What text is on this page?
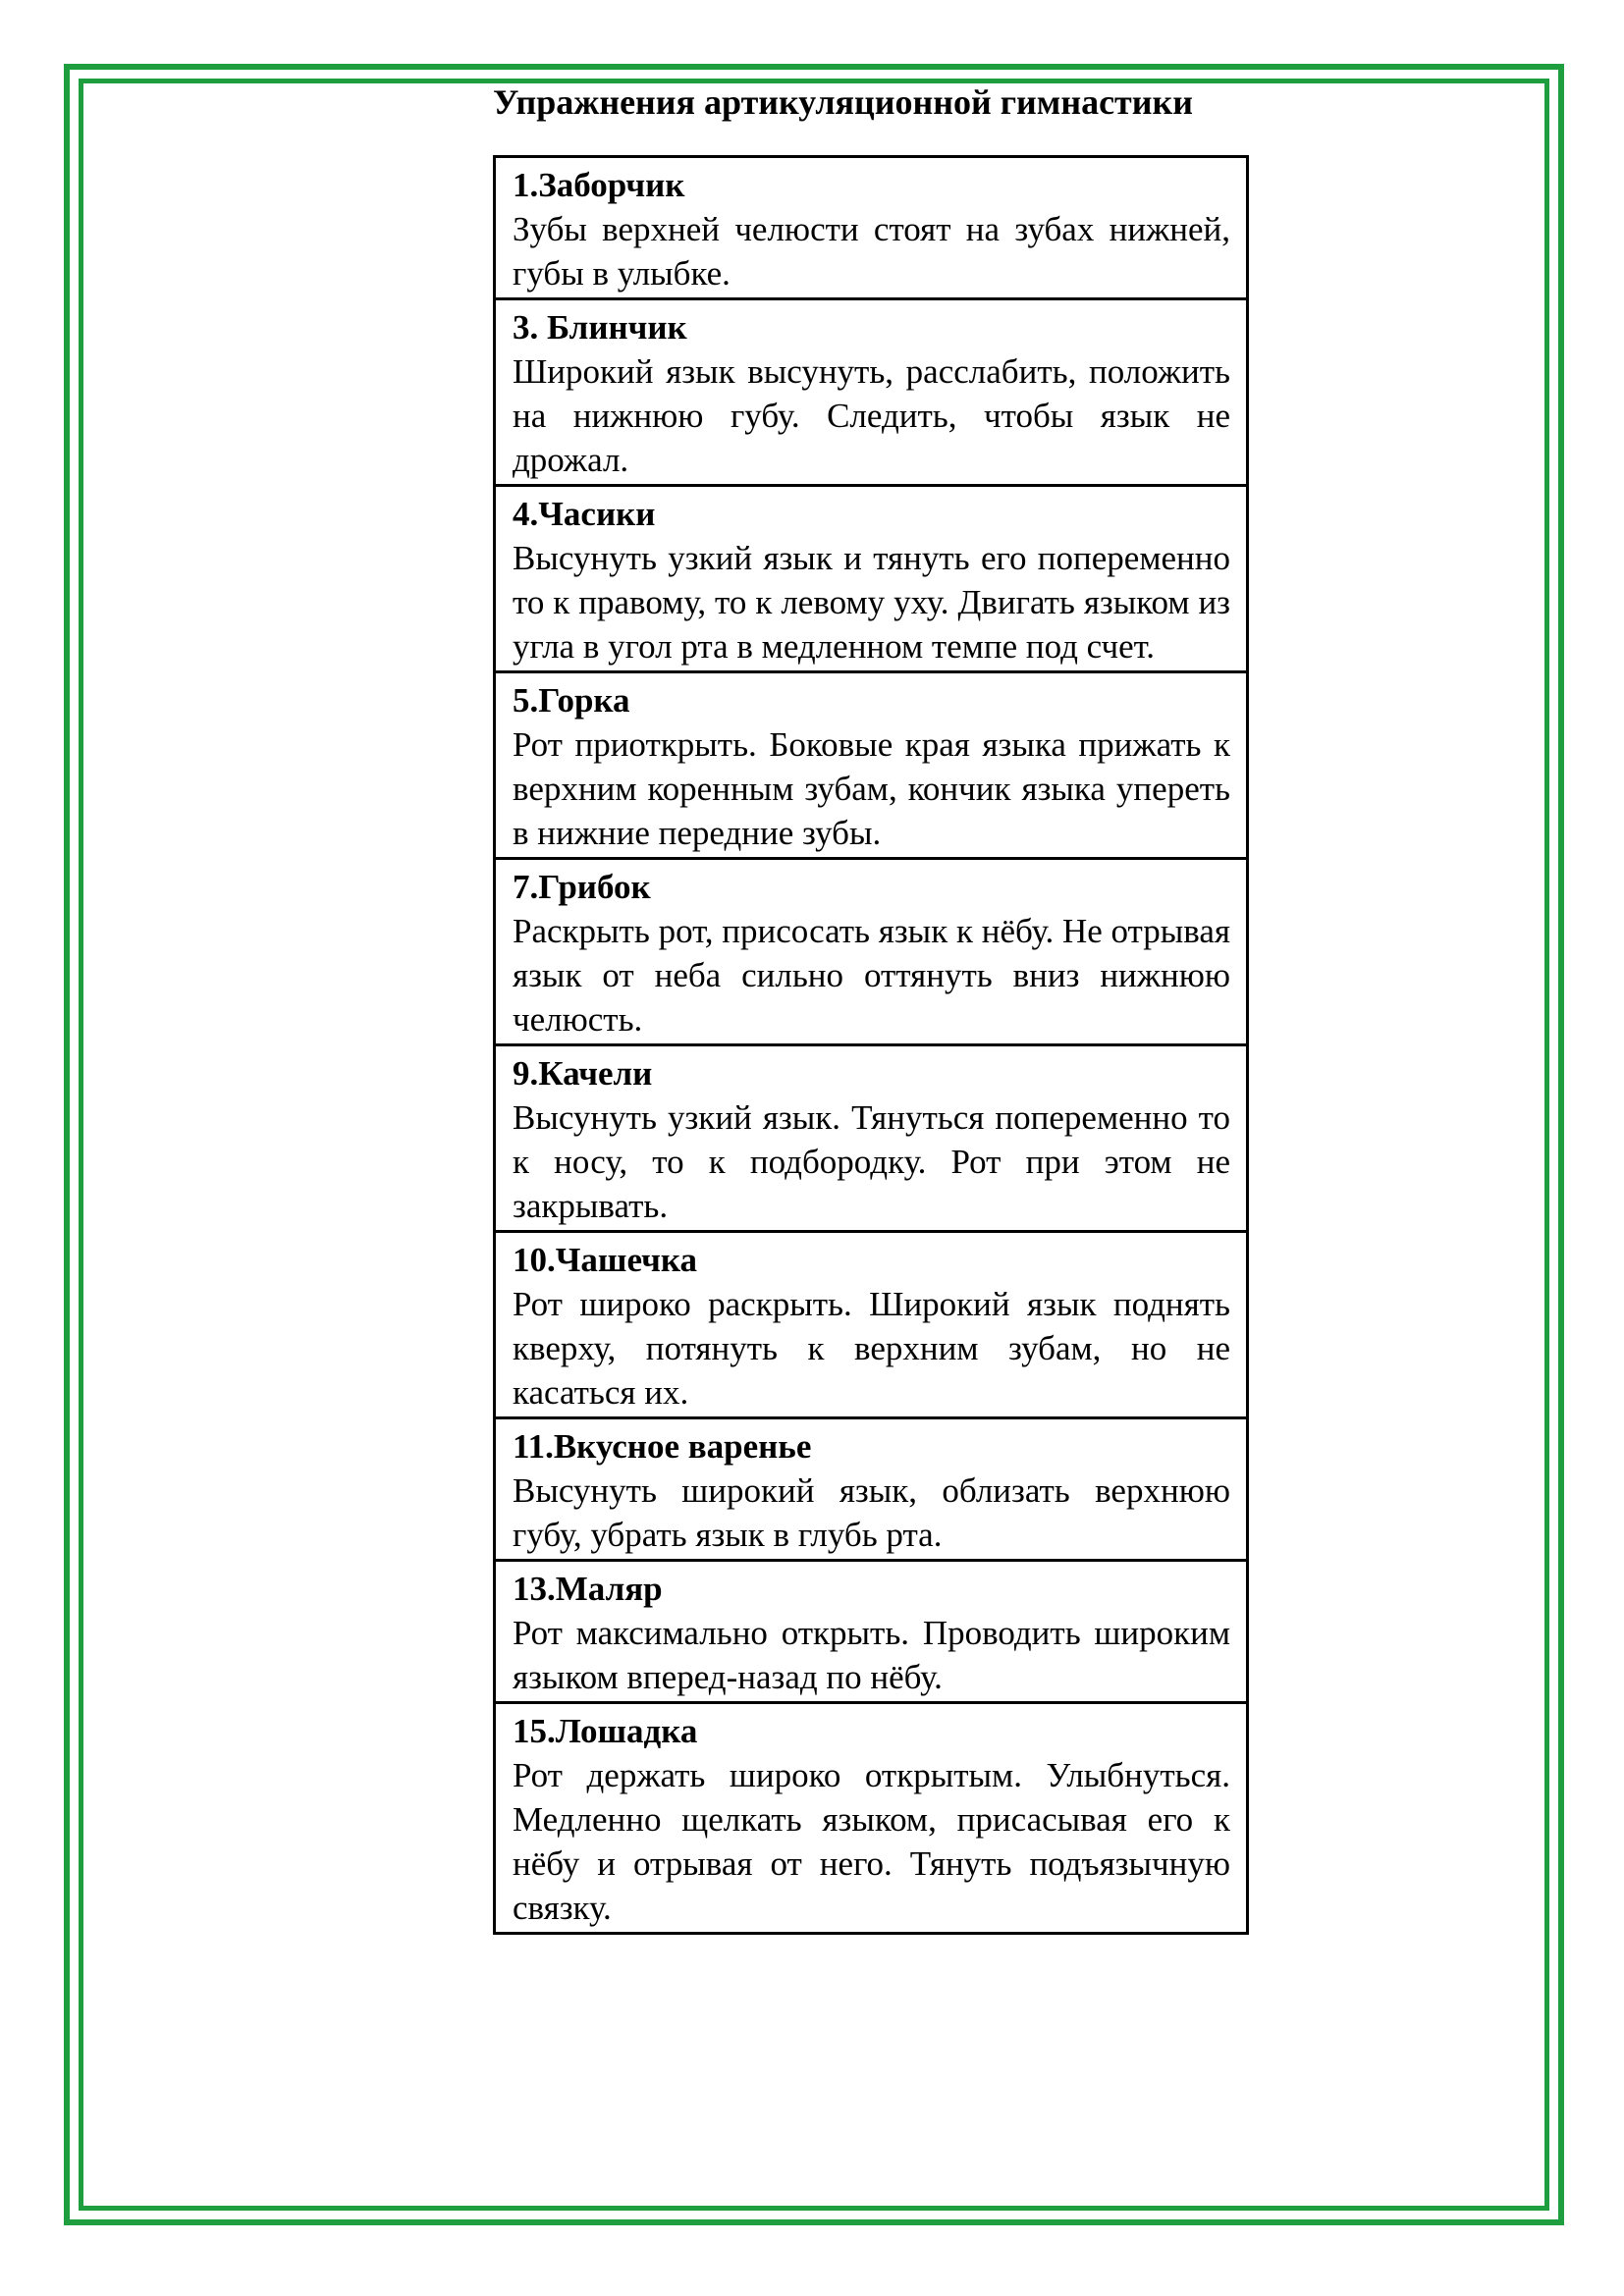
Упражнения артикуляционной гимнастики
1.Заборчик
Зубы верхней челюсти стоят на зубах нижней, губы в улыбке.
3. Блинчик
Широкий язык высунуть, расслабить, положить на нижнюю губу. Следить, чтобы язык не дрожал.
4.Часики
Высунуть узкий язык и тянуть его попеременно то к правому, то к левому уху. Двигать языком из угла в угол рта в медленном темпе под счет.
5.Горка
Рот приоткрыть. Боковые края языка прижать к верхним коренным зубам, кончик языка упереть в нижние передние зубы.
7.Грибок
Раскрыть рот, присосать язык к нёбу. Не отрывая язык от неба сильно оттянуть вниз нижнюю челюсть.
9.Качели
Высунуть узкий язык. Тянуться попеременно то к носу, то к подбородку. Рот при этом не закрывать.
10.Чашечка
Рот широко раскрыть. Широкий язык поднять кверху, потянуть к верхним зубам, но не касаться их.
11.Вкусное варенье
Высунуть широкий язык, облизать верхнюю губу, убрать язык в глубь рта.
13.Маляр
Рот максимально открыть. Проводить широким языком вперед-назад по нёбу.
15.Лошадка
Рот держать широко открытым. Улыбнуться. Медленно щелкать языком, присасывая его к нёбу и отрывая от него. Тянуть подъязычную связку.
